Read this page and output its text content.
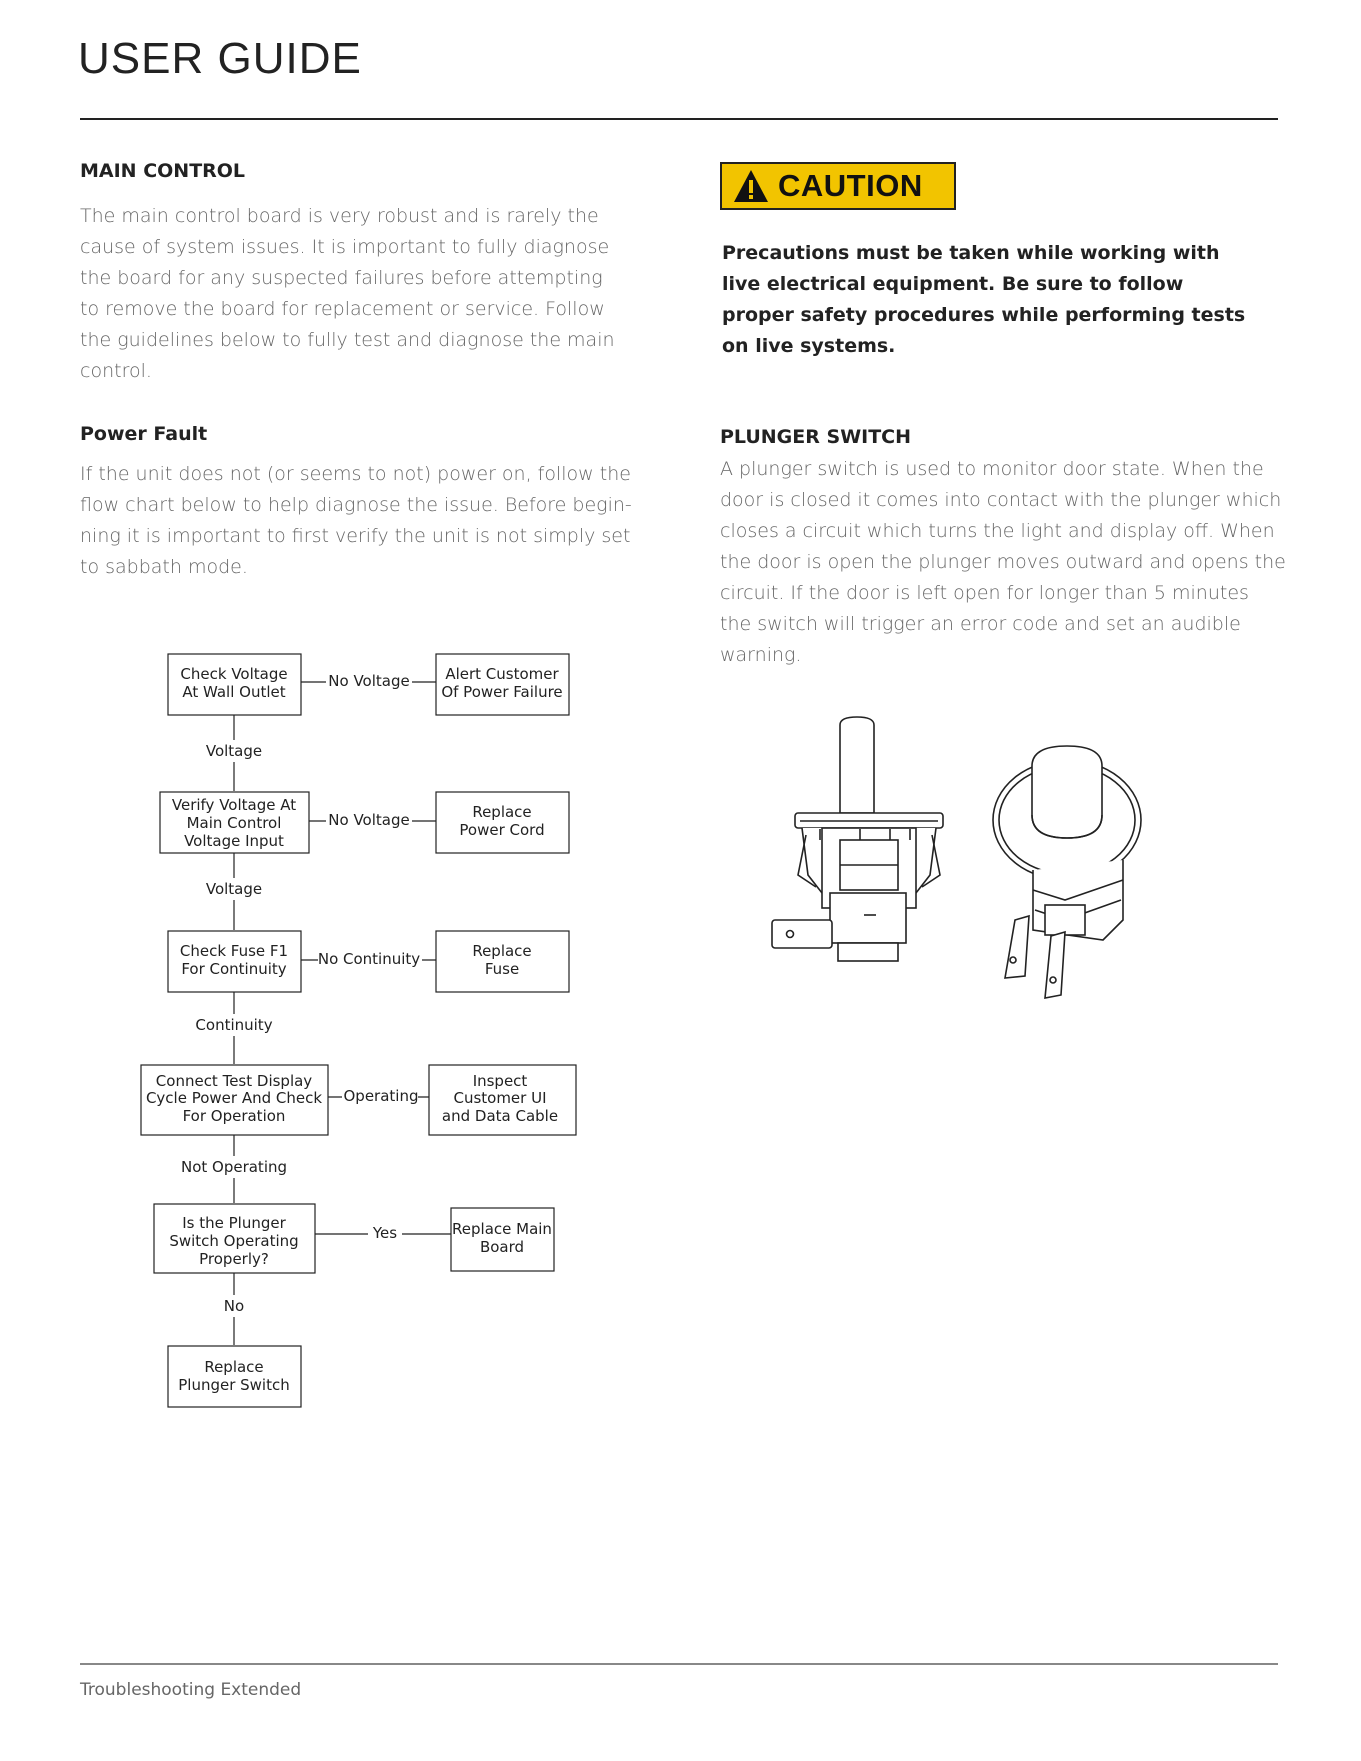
USER GUIDE
MAIN CONTROL
The main control board is very robust and is rarely the
cause of system issues. It is important to fully diagnose
the board for any suspected failures before attempting
to remove the board for replacement or service. Follow
the guidelines below to fully test and diagnose the main
control.
Power Fault
If the unit does not (or seems to not) power on, follow the
flow chart below to help diagnose the issue. Before begin-
ning it is important to first verify the unit is not simply set
to sabbath mode.
Check Voltage
At Wall Outlet
Verify Voltage At
Main Control
Voltage Input
Check Fuse F1
For Continuity
Connect Test Display
Cycle Power And Check
For Operation
Is the Plunger
Switch Operating
Properly?
Replace
Plunger Switch
Alert Customer
Of Power Failure
Replace
Power Cord
Replace
Fuse
Inspect
Customer UI
and Data Cable
Replace Main
Board
No Voltage
No Voltage
No Continuity
Operating
Yes
Voltage
Voltage
Continuity
Not Operating
No
CAUTION
Precautions must be taken while working with
live electrical equipment. Be sure to follow
proper safety procedures while performing tests
on live systems.
PLUNGER SWITCH
A plunger switch is used to monitor door state. When the
door is closed it comes into contact with the plunger which
closes a circuit which turns the light and display off. When
the door is open the plunger moves outward and opens the
circuit. If the door is left open for longer than 5 minutes
the switch will trigger an error code and set an audible
warning.
Troubleshooting Extended
